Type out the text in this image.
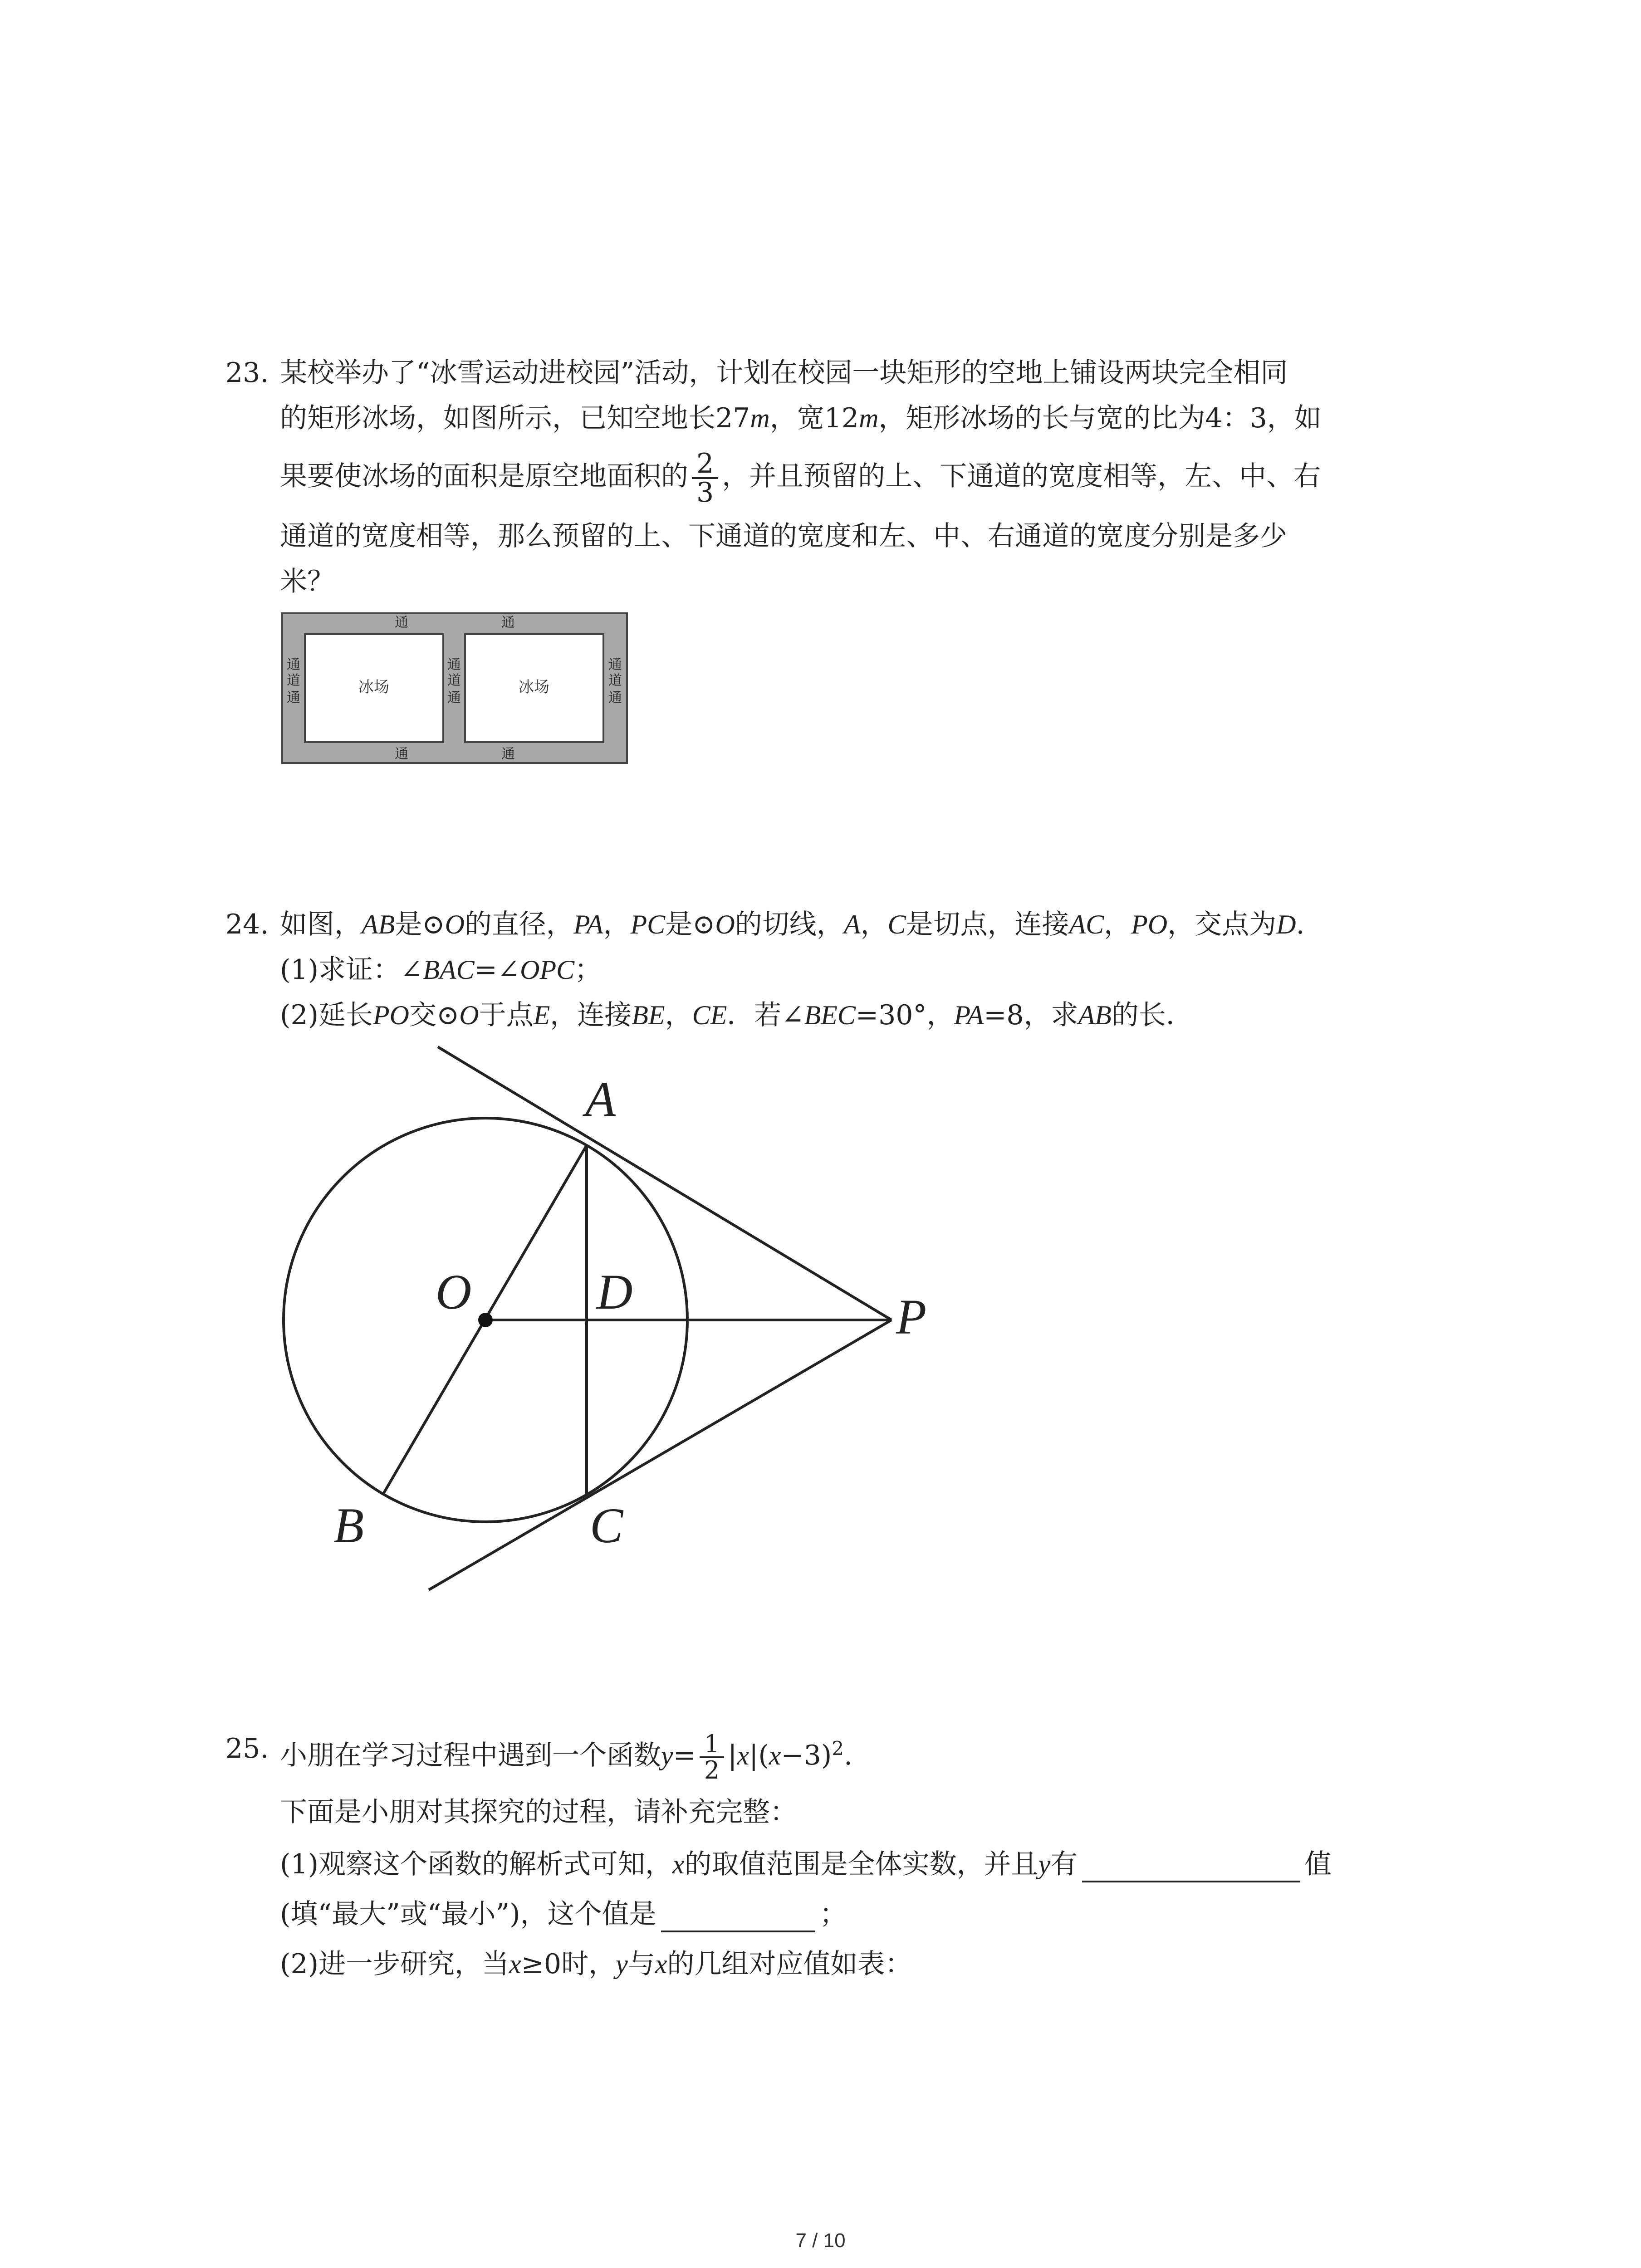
23. 某校举办了“冰雪运动进校园”活动，计划在校园一块矩形的空地上铺设两块完全相同
的矩形冰场，如图所示，已知空地长27m，宽12m，矩形冰场的长与宽的比为4：3，如
果要使冰场的面积是原空地面积的 $\frac{2}{3}$ ，并且预留的上、下通道的宽度相等，左、中、右
通道的宽度相等，那么预留的上、下通道的宽度和左、中、右通道的宽度分别是多少
米？
冰场	冰场
通	通
通	通
通
道
通
通
道
通
通
道
通
24. 如图，AB是⊙O的直径，PA，PC是⊙O的切线，A，C是切点，连接AC，PO，交点为D.
(1)求证：∠BAC=∠OPC；
(2)延长PO交⊙O于点E，连接BE，CE．若∠BEC=30°，PA=8，求AB的长．
A
B	C
D
O	P
25. 小朋在学习过程中遇到一个函数$y= \frac{1}{2} |x|(x-3)^2$.
下面是小朋对其探究的过程，请补充完整：
(1)观察这个函数的解析式可知，x的取值范围是全体实数，并且y有	值
(填“最大”或“最小”)，这个值是	；
(2)进一步研究，当x≥0时，y与x的几组对应值如表：
7 / 10
